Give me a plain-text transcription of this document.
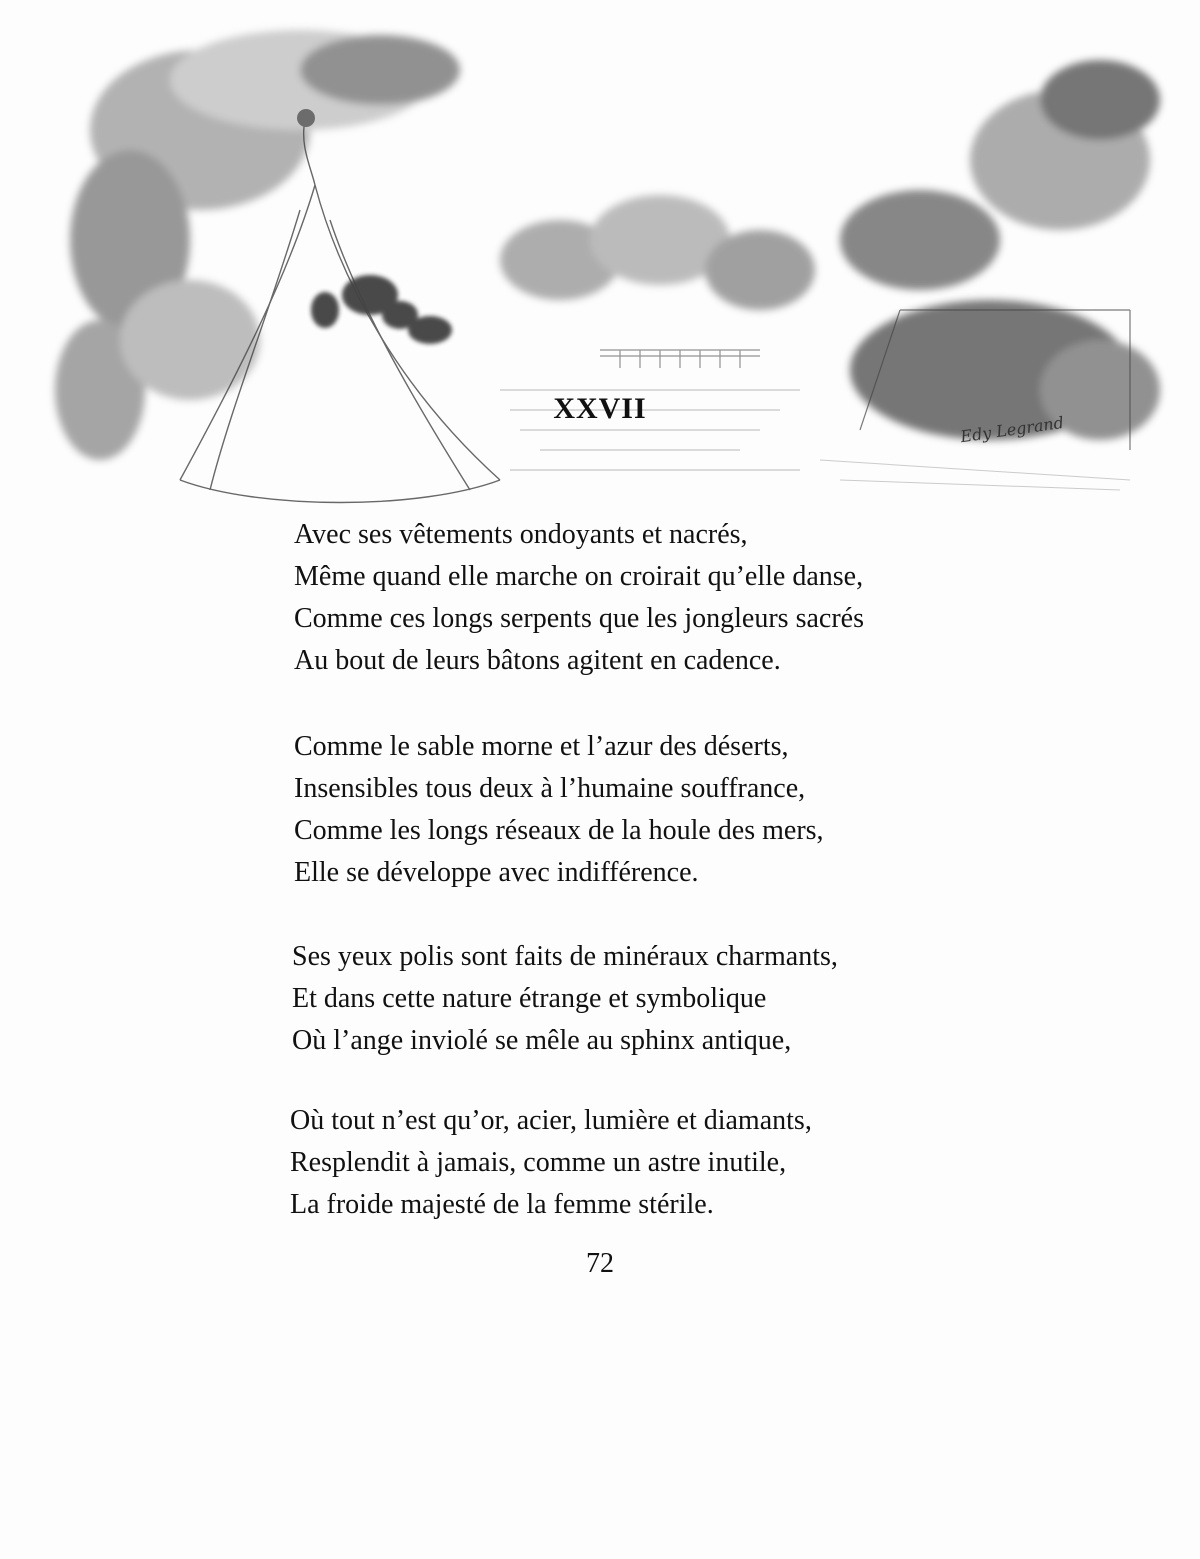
XXVII
Edy Legrand
Avec ses vêtements ondoyants et nacrés,
Même quand elle marche on croirait qu’elle danse,
Comme ces longs serpents que les jongleurs sacrés
Au bout de leurs bâtons agitent en cadence.
Comme le sable morne et l’azur des déserts,
Insensibles tous deux à l’humaine souffrance,
Comme les longs réseaux de la houle des mers,
Elle se développe avec indifférence.
Ses yeux polis sont faits de minéraux charmants,
Et dans cette nature étrange et symbolique
Où l’ange inviolé se mêle au sphinx antique,
Où tout n’est qu’or, acier, lumière et diamants,
Resplendit à jamais, comme un astre inutile,
La froide majesté de la femme stérile.
72
